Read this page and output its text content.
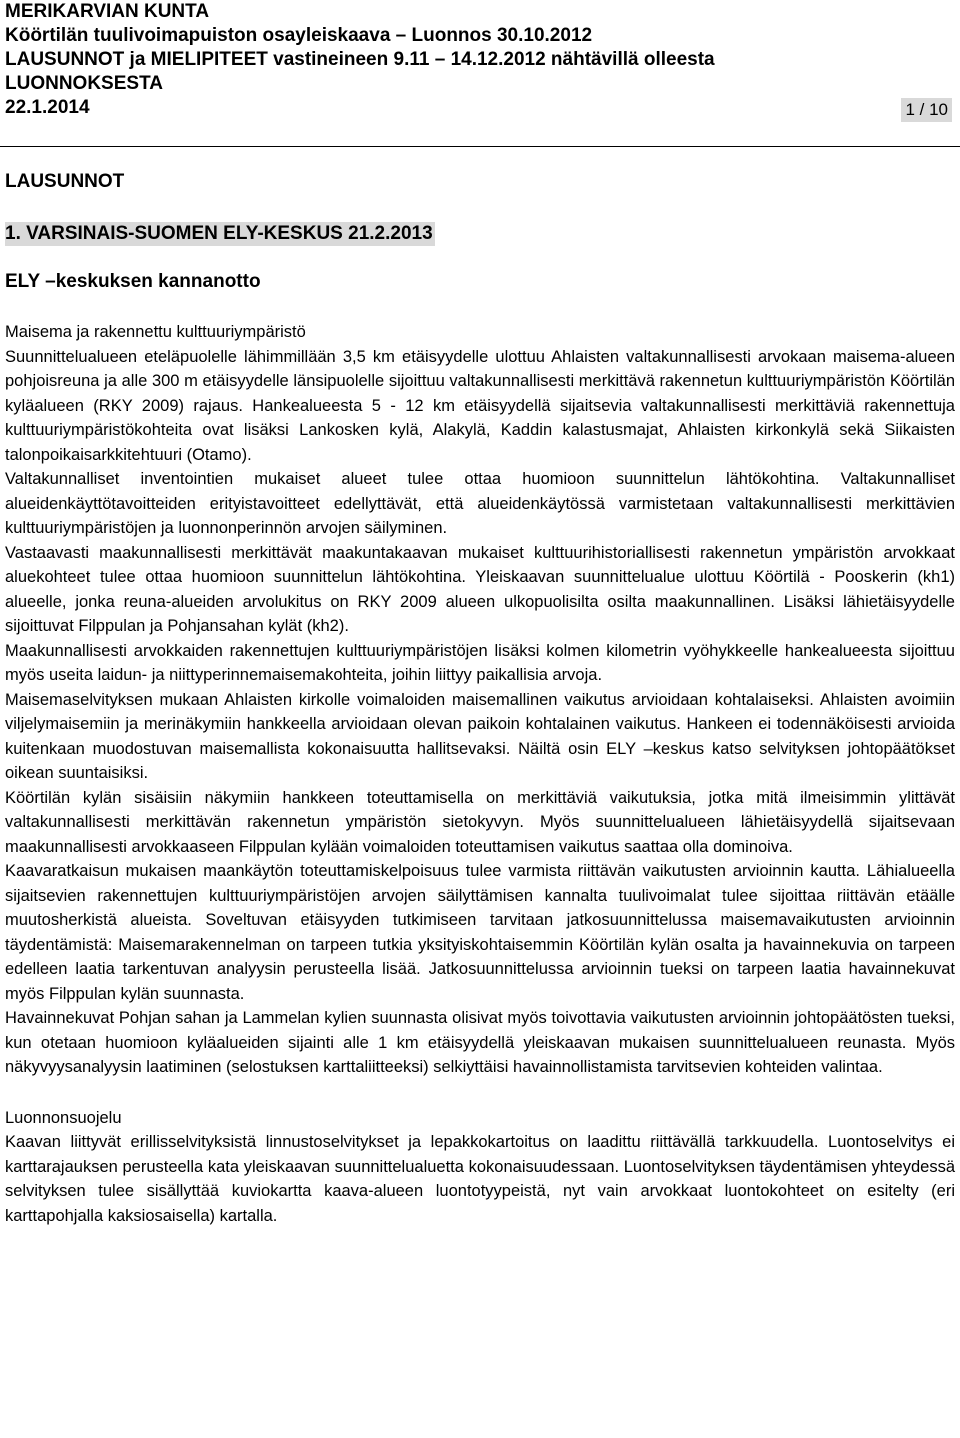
MERIKARVIAN KUNTA

Köörtilän tuulivoimapuiston osayleiskaava – Luonnos 30.10.2012

LAUSUNNOT ja MIELIPITEET vastineineen 9.11 – 14.12.2012 nähtävillä olleesta

LUONNOKSESTA

22.1.2014	1 / 10
LAUSUNNOT
1. VARSINAIS-SUOMEN ELY-KESKUS 21.2.2013
ELY –keskuksen kannanotto

Maisema ja rakennettu kulttuuriympäristö

Suunnittelualueen eteläpuolelle lähimmillään 3,5 km etäisyydelle ulottuu Ahlaisten valtakunnallisesti arvokaan maisema-alueen pohjoisreuna ja alle 300 m etäisyydelle länsipuolelle sijoittuu valtakunnallisesti merkittävä rakennetun kulttuuriympäristön Köörtilän kyläalueen (RKY 2009) rajaus. Hankealueesta 5 - 12 km etäisyydellä sijaitsevia valtakunnallisesti merkittäviä rakennettuja kulttuuriympäristökohteita ovat lisäksi Lankosken kylä, Alakylä, Kaddin kalastusmajat, Ahlaisten kirkonkylä sekä Siikaisten talonpoikaisarkkitehtuuri (Otamo).

Valtakunnalliset inventointien mukaiset alueet tulee ottaa huomioon suunnittelun lähtökohtina. Valtakunnalliset alueidenkäyttötavoitteiden erityistavoitteet edellyttävät, että alueidenkäytössä varmistetaan valtakunnallisesti merkittävien kulttuuriympäristöjen ja luonnonperinnön arvojen säilyminen.

Vastaavasti maakunnallisesti merkittävät maakuntakaavan mukaiset kulttuurihistoriallisesti rakennetun ympäristön arvokkaat aluekohteet tulee ottaa huomioon suunnittelun lähtökohtina. Yleiskaavan suunnittelualue ulottuu Köörtilä - Pooskerin (kh1) alueelle, jonka reuna-alueiden arvolukitus on RKY 2009 alueen ulkopuolisilta osilta maakunnallinen. Lisäksi lähietäisyydelle sijoittuvat Filppulan ja Pohjansahan kylät (kh2).

Maakunnallisesti arvokkaiden rakennettujen kulttuuriympäristöjen lisäksi kolmen kilometrin vyöhykkeelle hankealueesta sijoittuu myös useita laidun- ja niittyperinnemaisemakohteita, joihin liittyy paikallisia arvoja.

Maisemaselvityksen mukaan Ahlaisten kirkolle voimaloiden maisemallinen vaikutus arvioidaan kohtalaiseksi. Ahlaisten avoimiin viljelymaisemiin ja merinäkymiin hankkeella arvioidaan olevan paikoin kohtalainen vaikutus. Hankeen ei todennäköisesti arvioida kuitenkaan muodostuvan maisemallista kokonaisuutta hallitsevaksi. Näiltä osin ELY –keskus katso selvityksen johtopäätökset oikean suuntaisiksi.

Köörtilän kylän sisäisiin näkymiin hankkeen toteuttamisella on merkittäviä vaikutuksia, jotka mitä ilmeisimmin ylittävät valtakunnallisesti merkittävän rakennetun ympäristön sietokyvyn. Myös suunnittelualueen lähietäisyydellä sijaitsevaan maakunnallisesti arvokkaaseen Filppulan kylään voimaloiden toteuttamisen vaikutus saattaa olla dominoiva.

Kaavaratkaisun mukaisen maankäytön toteuttamiskelpoisuus tulee varmista riittävän vaikutusten arvioinnin kautta. Lähialueella sijaitsevien rakennettujen kulttuuriympäristöjen arvojen säilyttämisen kannalta tuulivoimalat tulee sijoittaa riittävän etäälle muutosherkistä alueista. Soveltuvan etäisyyden tutkimiseen tarvitaan jatkosuunnittelussa maisemavaikutusten arvioinnin täydentämistä: Maisemarakennelman on tarpeen tutkia yksityiskohtaisemmin Köörtilän kylän osalta ja havainnekuvia on tarpeen edelleen laatia tarkentuvan analyysin perusteella lisää. Jatkosuunnittelussa arvioinnin tueksi on tarpeen laatia havainnekuvat myös Filppulan kylän suunnasta.

Havainnekuvat Pohjan sahan ja Lammelan kylien suunnasta olisivat myös toivottavia vaikutusten arvioinnin johtopäätösten tueksi, kun otetaan huomioon kyläalueiden sijainti alle 1 km etäisyydellä yleiskaavan mukaisen suunnittelualueen reunasta. Myös näkyvyysanalyysin laatiminen (selostuksen karttaliitteeksi) selkiyttäisi havainnollistamista tarvitsevien kohteiden valintaa.

Luonnonsuojelu

Kaavan liittyvät erillisselvityksistä linnustoselvitykset ja lepakkokartoitus on laadittu riittävällä tarkkuudella. Luontoselvitys ei karttarajauksen perusteella kata yleiskaavan suunnittelualuetta kokonaisuudessaan. Luontoselvityksen täydentämisen yhteydessä selvityksen tulee sisällyttää kuviokartta kaava-alueen luontotyypeistä, nyt vain arvokkaat luontokohteet on esitelty (eri karttapohjalla kaksiosaisella) kartalla.
